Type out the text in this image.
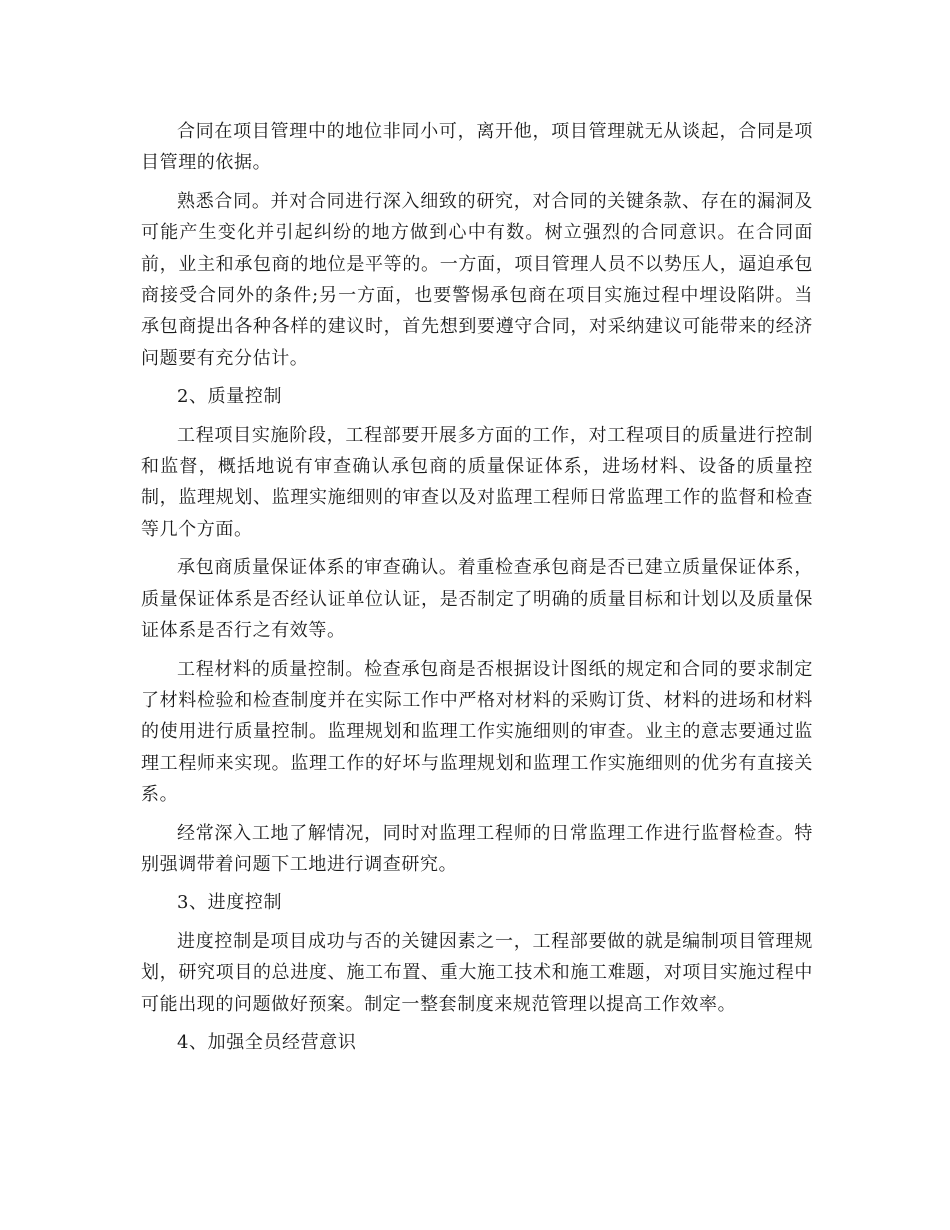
合同在项目管理中的地位非同小可，离开他，项目管理就无从谈起，合同是项目管理的依据。

熟悉合同。并对合同进行深入细致的研究，对合同的关键条款、存在的漏洞及可能产生变化并引起纠纷的地方做到心中有数。树立强烈的合同意识。在合同面前，业主和承包商的地位是平等的。一方面，项目管理人员不以势压人，逼迫承包商接受合同外的条件;另一方面，也要警惕承包商在项目实施过程中埋设陷阱。当承包商提出各种各样的建议时，首先想到要遵守合同，对采纳建议可能带来的经济问题要有充分估计。

2、质量控制

工程项目实施阶段，工程部要开展多方面的工作，对工程项目的质量进行控制和监督，概括地说有审查确认承包商的质量保证体系，进场材料、设备的质量控制，监理规划、监理实施细则的审查以及对监理工程师日常监理工作的监督和检查等几个方面。

承包商质量保证体系的审查确认。着重检查承包商是否已建立质量保证体系，质量保证体系是否经认证单位认证，是否制定了明确的质量目标和计划以及质量保证体系是否行之有效等。

工程材料的质量控制。检查承包商是否根据设计图纸的规定和合同的要求制定了材料检验和检查制度并在实际工作中严格对材料的采购订货、材料的进场和材料的使用进行质量控制。监理规划和监理工作实施细则的审查。业主的意志要通过监理工程师来实现。监理工作的好坏与监理规划和监理工作实施细则的优劣有直接关系。

经常深入工地了解情况，同时对监理工程师的日常监理工作进行监督检查。特别强调带着问题下工地进行调查研究。

3、进度控制

进度控制是项目成功与否的关键因素之一，工程部要做的就是编制项目管理规划，研究项目的总进度、施工布置、重大施工技术和施工难题，对项目实施过程中可能出现的问题做好预案。制定一整套制度来规范管理以提高工作效率。

4、加强全员经营意识
